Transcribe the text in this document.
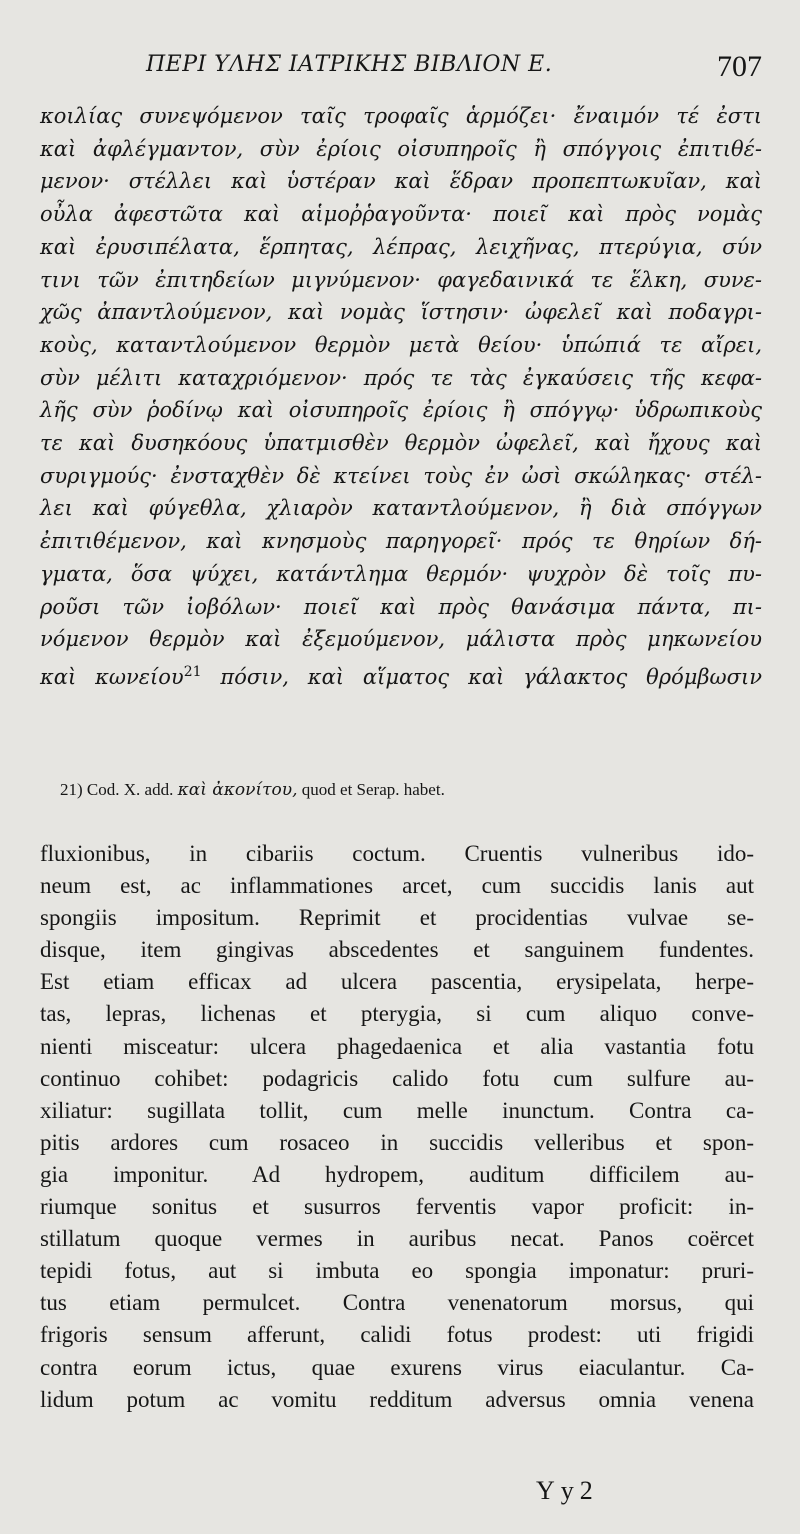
ΠΕΡΙ ΥΛΗΣ ΙΑΤΡΙΚΗΣ ΒΙΒΛΙΟΝ Ε.	707
κοιλίας συνεψόμενον ταῖς τροφαῖς ἁρμόζει· ἔναιμόν τέ ἐστι
καὶ ἀφλέγμαντον, σὺν ἐρίοις οἰσυπηροῖς ἢ σπόγγοις ἐπιτιθέ-
μενον· στέλλει καὶ ὑστέραν καὶ ἕδραν προπεπτωκυῖαν, καὶ
οὖλα ἀφεστῶτα καὶ αἱμοῤῥαγοῦντα· ποιεῖ καὶ πρὸς νομὰς
καὶ ἐρυσιπέλατα, ἕρπητας, λέπρας, λειχῆνας, πτερύγια, σύν
τινι τῶν ἐπιτηδείων μιγνύμενον· φαγεδαινικά τε ἕλκη, συνε-
χῶς ἀπαντλούμενον, καὶ νομὰς ἵστησιν· ὠφελεῖ καὶ ποδαγρι-
κοὺς, καταντλούμενον θερμὸν μετὰ θείου· ὑπώπιά τε αἴρει,
σὺν μέλιτι καταχριόμενον· πρός τε τὰς ἐγκαύσεις τῆς κεφα-
λῆς σὺν ῥοδίνῳ καὶ οἰσυπηροῖς ἐρίοις ἢ σπόγγῳ· ὑδρωπικοὺς
τε καὶ δυσηκόους ὑπατμισθὲν θερμὸν ὠφελεῖ, καὶ ἤχους καὶ
συριγμούς· ἐνσταχθὲν δὲ κτείνει τοὺς ἐν ὠσὶ σκώληκας· στέλ-
λει καὶ φύγεθλα, χλιαρὸν καταντλούμενον, ἢ διὰ σπόγγων
ἐπιτιθέμενον, καὶ κνησμοὺς παρηγορεῖ· πρός τε θηρίων δή-
γματα, ὅσα ψύχει, κατάντλημα θερμόν· ψυχρὸν δὲ τοῖς πυ-
ροῦσι τῶν ἰοβόλων· ποιεῖ καὶ πρὸς θανάσιμα πάντα, πι-
νόμενον θερμὸν καὶ ἐξεμούμενον, μάλιστα πρὸς μηκωνείου
καὶ κωνείου$^{21}$ πόσιν, καὶ αἵματος καὶ γάλακτος θρόμβωσιν
21) Cod. X. add. καὶ ἀκονίτου, quod et Serap. habet.
fluxionibus, in cibariis coctum. Cruentis vulneribus ido-
neum est, ac inflammationes arcet, cum succidis lanis aut
spongiis impositum. Reprimit et procidentias vulvae se-
disque, item gingivas abscedentes et sanguinem fundentes.
Est etiam efficax ad ulcera pascentia, erysipelata, herpe-
tas, lepras, lichenas et pterygia, si cum aliquo conve-
nienti misceatur: ulcera phagedaenica et alia vastantia fotu
continuo cohibet: podagricis calido fotu cum sulfure au-
xiliatur: sugillata tollit, cum melle inunctum. Contra ca-
pitis ardores cum rosaceo in succidis velleribus et spon-
gia imponitur. Ad hydropem, auditum difficilem au-
riumque sonitus et susurros ferventis vapor proficit: in-
stillatum quoque vermes in auribus necat. Panos coërcet
tepidi fotus, aut si imbuta eo spongia imponatur: pruri-
tus etiam permulcet. Contra venenatorum morsus, qui
frigoris sensum afferunt, calidi fotus prodest: uti frigidi
contra eorum ictus, quae exurens virus eiaculantur. Ca-
lidum potum ac vomitu redditum adversus omnia venena
Yy2
